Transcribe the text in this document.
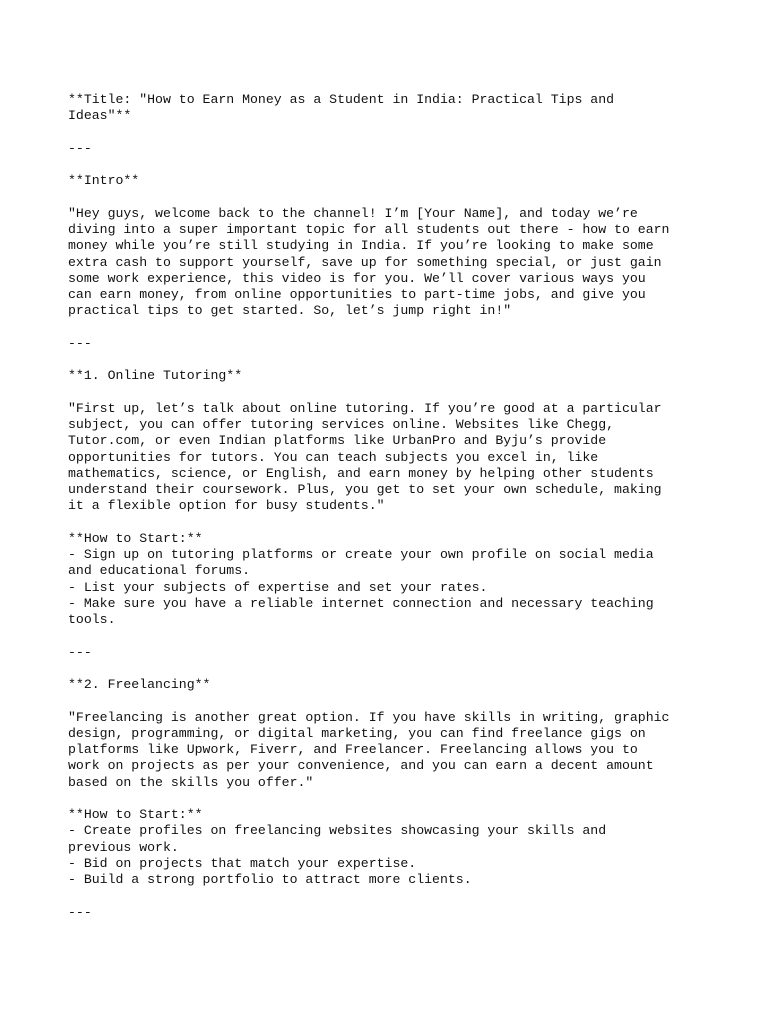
**Title: "How to Earn Money as a Student in India: Practical Tips and
Ideas"**
---
**Intro**
"Hey guys, welcome back to the channel! I’m [Your Name], and today we’re
diving into a super important topic for all students out there - how to earn
money while you’re still studying in India. If you’re looking to make some
extra cash to support yourself, save up for something special, or just gain
some work experience, this video is for you. We’ll cover various ways you
can earn money, from online opportunities to part-time jobs, and give you
practical tips to get started. So, let’s jump right in!"
---
**1. Online Tutoring**
"First up, let’s talk about online tutoring. If you’re good at a particular
subject, you can offer tutoring services online. Websites like Chegg,
Tutor.com, or even Indian platforms like UrbanPro and Byju’s provide
opportunities for tutors. You can teach subjects you excel in, like
mathematics, science, or English, and earn money by helping other students
understand their coursework. Plus, you get to set your own schedule, making
it a flexible option for busy students."
**How to Start:**
- Sign up on tutoring platforms or create your own profile on social media
and educational forums.
- List your subjects of expertise and set your rates.
- Make sure you have a reliable internet connection and necessary teaching
tools.
---
**2. Freelancing**
"Freelancing is another great option. If you have skills in writing, graphic
design, programming, or digital marketing, you can find freelance gigs on
platforms like Upwork, Fiverr, and Freelancer. Freelancing allows you to
work on projects as per your convenience, and you can earn a decent amount
based on the skills you offer."
**How to Start:**
- Create profiles on freelancing websites showcasing your skills and
previous work.
- Bid on projects that match your expertise.
- Build a strong portfolio to attract more clients.
---
